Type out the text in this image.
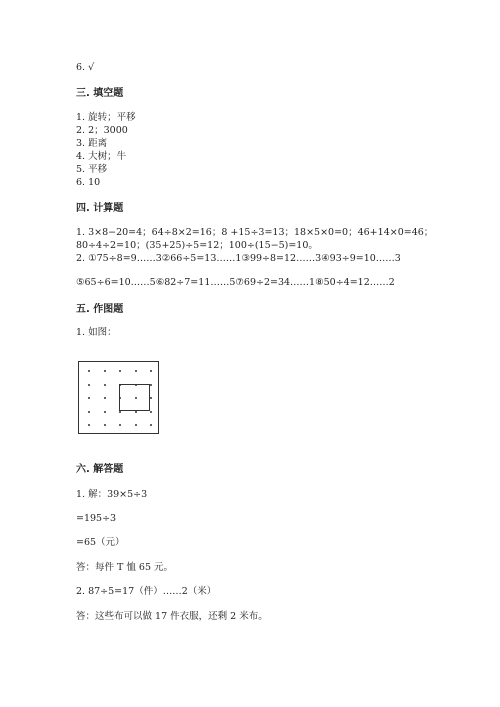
6. √
三. 填空题
1. 旋转；平移
2. 2；3000
3. 距离
4. 大树；牛
5. 平移
6. 10
四. 计算题
1. 3×8−20=4；64÷8×2=16；8 +15÷3=13；18×5×0=0；46+14×0=46；
80÷4÷2=10；(35+25)÷5=12；100÷(15−5)=10。
2. ①75÷8=9……3②66÷5=13……1③99÷8=12……3④93÷9=10……3
⑤65÷6=10……5⑥82÷7=11……5⑦69÷2=34……1⑧50÷4=12……2
五. 作图题
1. 如图：
六. 解答题
1. 解：39×5÷3
=195÷3
=65（元）
答：每件 T 恤 65 元。
2. 87÷5=17（件）……2（米）
答：这些布可以做 17 件衣服，还剩 2 米布。
